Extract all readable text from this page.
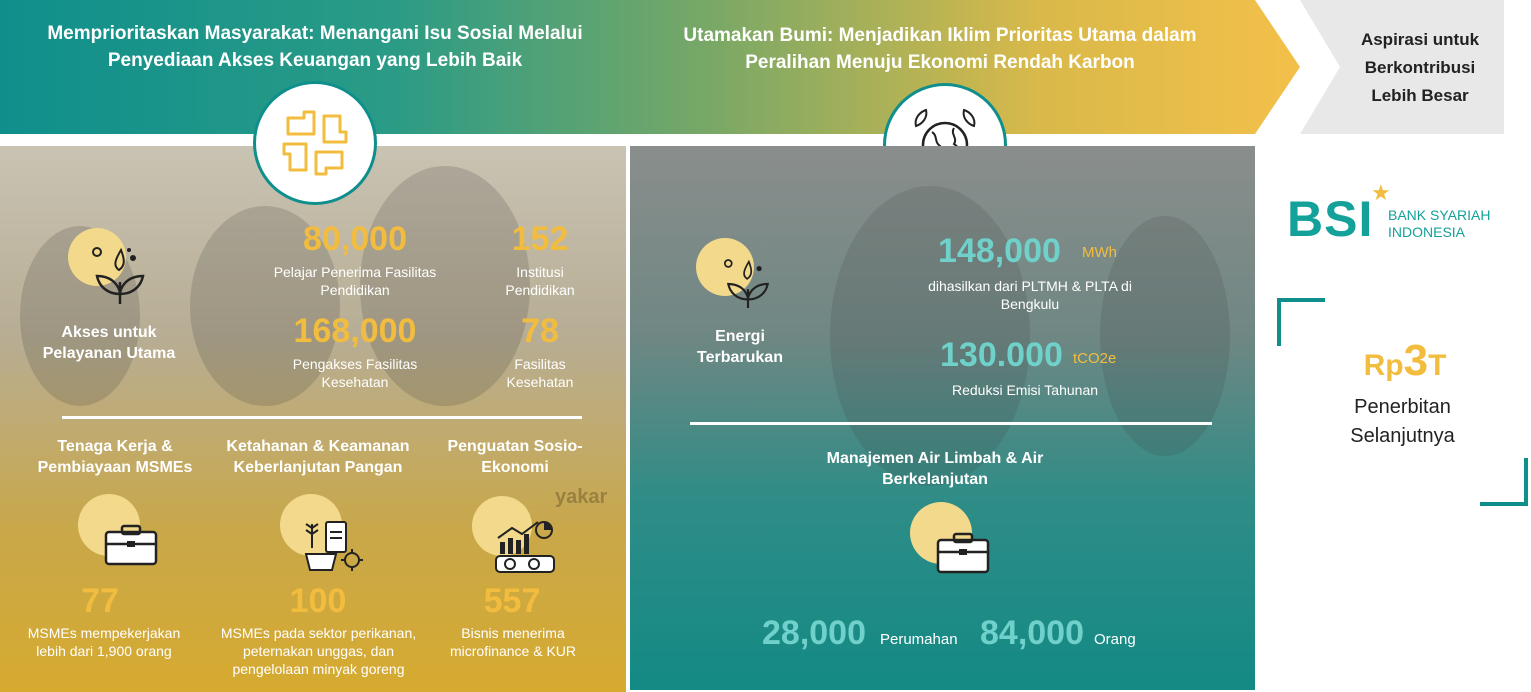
Memprioritaskan Masyarakat: Menangani Isu Sosial Melalui Penyediaan Akses Keuangan yang Lebih Baik
Utamakan Bumi: Menjadikan Iklim Prioritas Utama dalam Peralihan Menuju Ekonomi Rendah Karbon
Aspirasi untuk Berkontribusi Lebih Besar
yakar
Akses untuk Pelayanan Utama
80,000
Pelajar Penerima Fasilitas Pendidikan
152
Institusi Pendidikan
168,000
Pengakses Fasilitas Kesehatan
78
Fasilitas Kesehatan
Tenaga Kerja & Pembiayaan MSMEs
Ketahanan & Keamanan Keberlanjutan Pangan
Penguatan Sosio-Ekonomi
77
MSMEs mempekerjakan lebih dari 1,900 orang
100
MSMEs pada sektor perikanan, peternakan unggas, dan pengelolaan minyak goreng
557
Bisnis menerima microfinance & KUR
Energi Terbarukan
148,000 MWh
dihasilkan dari PLTMH & PLTA di Bengkulu
130.000 tCO2e
Reduksi Emisi Tahunan
Manajemen Air Limbah & Air Berkelanjutan
28,000 Perumahan 84,000 Orang
BSI
★
BANK SYARIAH INDONESIA
Rp3T
Penerbitan Selanjutnya
